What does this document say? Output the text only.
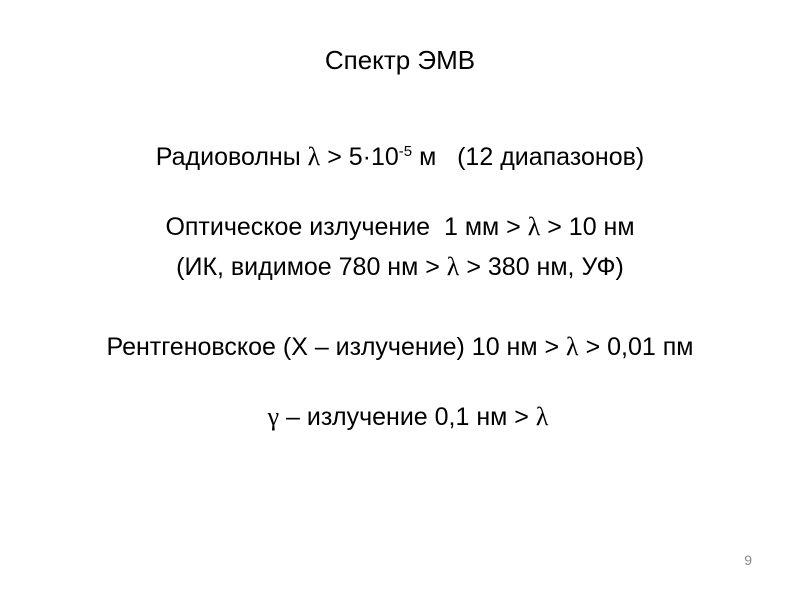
Спектр ЭМВ
Радиоволны $\lambda > 5\cdot 10^{-5}$ м   (12 диапазонов)
Оптическое излучение  1 мм > λ > 10 нм
(ИК, видимое 780 нм > λ > 380 нм, УФ)
Рентгеновское (X – излучение) 10 нм > λ > 0,01 пм
γ – излучение 0,1 нм > λ
9
